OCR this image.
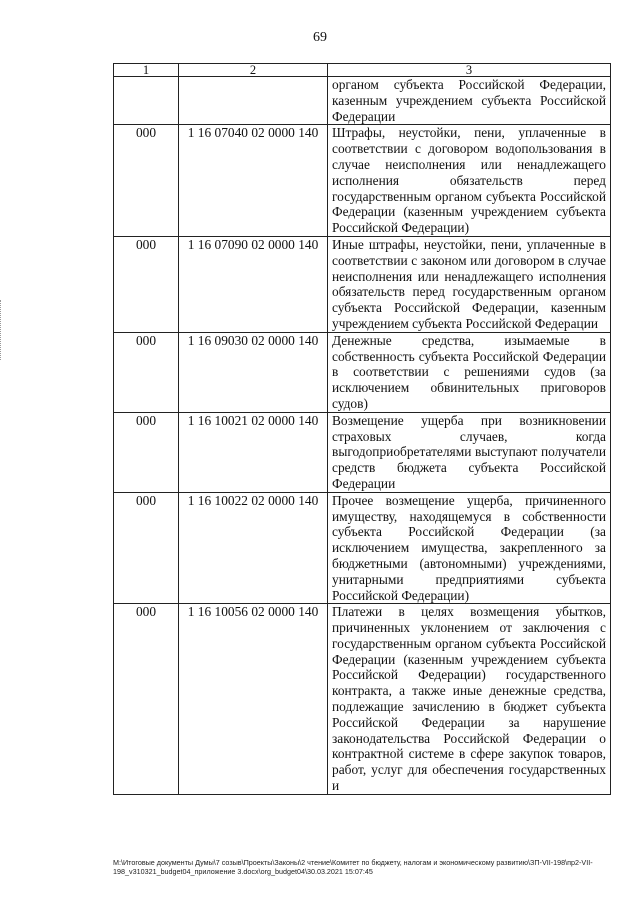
69
1	2	3
		органом субъекта Российской Федерации, казенным учреждением субъекта Российской Федерации
000	1 16 07040 02 0000 140	Штрафы, неустойки, пени, уплаченные в соответствии с договором водопользования в случае неисполнения или ненадлежащего исполнения обязательств перед государственным органом субъекта Российской Федерации (казенным учреждением субъекта Российской Федерации)
000	1 16 07090 02 0000 140	Иные штрафы, неустойки, пени, уплаченные в соответствии с законом или договором в случае неисполнения или ненадлежащего исполнения обязательств перед государственным органом субъекта Российской Федерации, казенным учреждением субъекта Российской Федерации
000	1 16 09030 02 0000 140	Денежные средства, изымаемые в собственность субъекта Российской Федерации в соответствии с решениями судов (за исключением обвинительных приговоров судов)
000	1 16 10021 02 0000 140	Возмещение ущерба при возникновении страховых случаев, когда выгодоприобретателями выступают получатели средств бюджета субъекта Российской Федерации
000	1 16 10022 02 0000 140	Прочее возмещение ущерба, причиненного имуществу, находящемуся в собственности субъекта Российской Федерации (за исключением имущества, закрепленного за бюджетными (автономными) учреждениями, унитарными предприятиями субъекта Российской Федерации)
000	1 16 10056 02 0000 140	Платежи в целях возмещения убытков, причиненных уклонением от заключения с государственным органом субъекта Российской Федерации (казенным учреждением субъекта Российской Федерации) государственного контракта, а также иные денежные средства, подлежащие зачислению в бюджет субъекта Российской Федерации за нарушение законодательства Российской Федерации о контрактной системе в сфере закупок товаров, работ, услуг для обеспечения государственных и
M:\Итоговые документы Думы\7 созыв\Проекты\Законы\2 чтение\Комитет по бюджету, налогам и экономическому развитию\ЗП-VII-198\пр2-VII-
198_v310321_budget04_приложение 3.docx\org_budget04\30.03.2021 15:07:45
